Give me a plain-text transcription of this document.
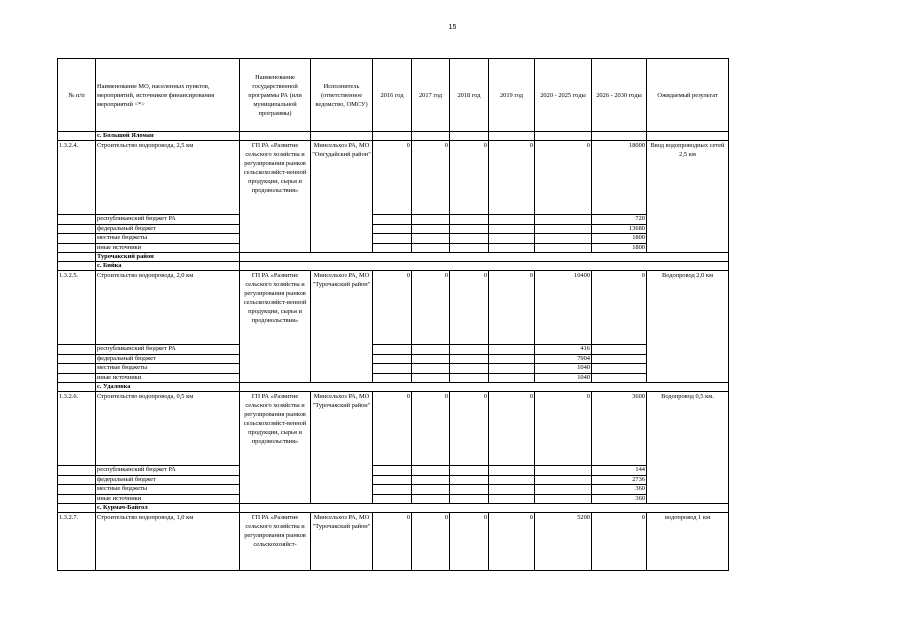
15
№ п/п	Наименование МО, населенных пунктов, мероприятий, источников финансирования мероприятий <*>	Наименование государственной программы РА (или муниципальной программы)	Исполнитель (ответственное ведомство, ОМСУ)	2016 год	2017 год	2018 год	2019 год	2020 - 2025 годы	2026 - 2030 годы	Ожидаемый результат
	с. Большой Яломан									
1.3.2.4.	Строительство водопровода, 2,5 км	ГП РА «Развитие сельского хозяйства и регулирования рынков сельскохозяйст-венной продукции, сырья и продовольствия»	Минсельхоз РА, МО "Онгудайский район"	0	0	0	0	0	18000	Ввод водопроводных сетей 2,5 км
	республиканский бюджет РА								720	
	федеральный бюджет								13680	
	местные бюджеты								1800	
	иные источники								1800	
	Турочакский район									
	с. Бийка									
1.3.2.5.	Строительство водопровода, 2,0 км	ГП РА «Развитие сельского хозяйства и регулирования рынков сельскохозяйст-венной продукции, сырья и продовольствия»	Минсельхоз РА, МО "Турочакский район"	0	0	0	0	10400	0	Водопровод 2,0 км
	республиканский бюджет РА							416		
	федеральный бюджет							7904		
	местные бюджеты							1040		
	иные источники							1040		
	с. Удаловка									
1.3.2.6.	Строительство водопровода, 0,5 км	ГП РА «Развитие сельского хозяйства и регулирования рынков сельскохозяйст-венной продукции, сырья и продовольствия»	Минсельхоз РА, МО "Турочакский район"	0	0	0	0	0	3600	Водопровод 0,5 км.
	республиканский бюджет РА								144	
	федеральный бюджет								2736	
	местные бюджеты								360	
	иные источники								360	
	с. Курмач-Байгол									
1.3.2.7.	Строительство водопровода, 1,0 км	ГП РА «Развитие сельского хозяйства и регулирования рынков сельскохозяйст-	Минсельхоз РА, МО "Турочакский район"	0	0	0	0	5200	0	водопровод 1 км
